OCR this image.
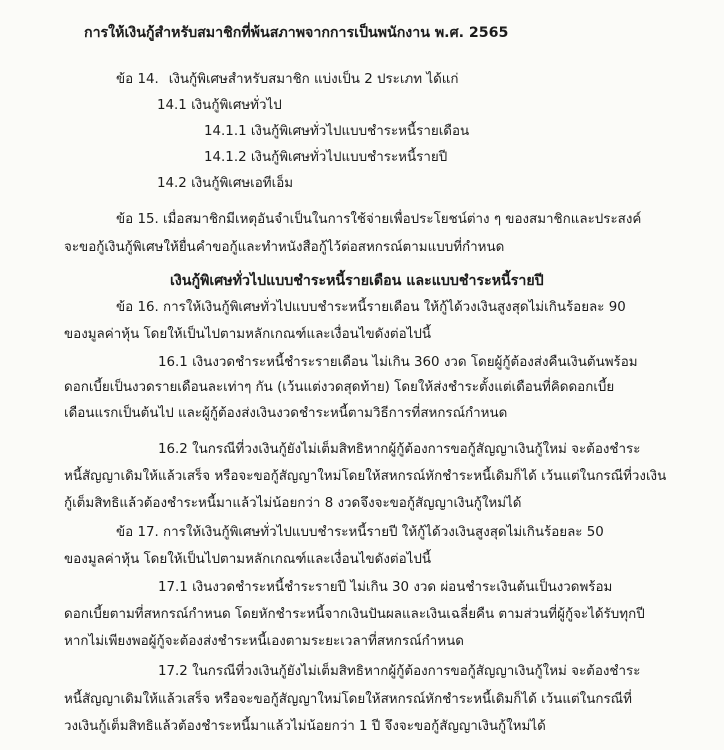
การให้เงินกู้สำหรับสมาชิกที่พ้นสภาพจากการเป็นพนักงาน พ.ศ. 2565
ข้อ 14. เงินกู้พิเศษสำหรับสมาชิก แบ่งเป็น 2 ประเภท ได้แก่
14.1 เงินกู้พิเศษทั่วไป
14.1.1 เงินกู้พิเศษทั่วไปแบบชำระหนี้รายเดือน
14.1.2 เงินกู้พิเศษทั่วไปแบบชำระหนี้รายปี
14.2 เงินกู้พิเศษเอทีเอ็ม
ข้อ 15. เมื่อสมาชิกมีเหตุอันจำเป็นในการใช้จ่ายเพื่อประโยชน์ต่าง ๆ ของสมาชิกและประสงค์
จะขอกู้เงินกู้พิเศษให้ยื่นคำขอกู้และทำหนังสือกู้ไว้ต่อสหกรณ์ตามแบบที่กำหนด
เงินกู้พิเศษทั่วไปแบบชำระหนี้รายเดือน และแบบชำระหนี้รายปี
ข้อ 16. การให้เงินกู้พิเศษทั่วไปแบบชำระหนี้รายเดือน ให้กู้ได้วงเงินสูงสุดไม่เกินร้อยละ 90
ของมูลค่าหุ้น โดยให้เป็นไปตามหลักเกณฑ์และเงื่อนไขดังต่อไปนี้
16.1 เงินงวดชำระหนี้ชำระรายเดือน ไม่เกิน 360 งวด โดยผู้กู้ต้องส่งคืนเงินต้นพร้อม
ดอกเบี้ยเป็นงวดรายเดือนละเท่าๆ กัน (เว้นแต่งวดสุดท้าย) โดยให้ส่งชำระตั้งแต่เดือนที่คิดดอกเบี้ย
เดือนแรกเป็นต้นไป และผู้กู้ต้องส่งเงินงวดชำระหนี้ตามวิธีการที่สหกรณ์กำหนด
16.2 ในกรณีที่วงเงินกู้ยังไม่เต็มสิทธิหากผู้กู้ต้องการขอกู้สัญญาเงินกู้ใหม่ จะต้องชำระ
หนี้สัญญาเดิมให้แล้วเสร็จ หรือจะขอกู้สัญญาใหม่โดยให้สหกรณ์หักชำระหนี้เดิมก็ได้ เว้นแต่ในกรณีที่วงเงิน
กู้เต็มสิทธิแล้วต้องชำระหนี้มาแล้วไม่น้อยกว่า 8 งวดจึงจะขอกู้สัญญาเงินกู้ใหม่ได้
ข้อ 17. การให้เงินกู้พิเศษทั่วไปแบบชำระหนี้รายปี ให้กู้ได้วงเงินสูงสุดไม่เกินร้อยละ 50
ของมูลค่าหุ้น โดยให้เป็นไปตามหลักเกณฑ์และเงื่อนไขดังต่อไปนี้
17.1 เงินงวดชำระหนี้ชำระรายปี ไม่เกิน 30 งวด ผ่อนชำระเงินต้นเป็นงวดพร้อม
ดอกเบี้ยตามที่สหกรณ์กำหนด โดยหักชำระหนี้จากเงินปันผลและเงินเฉลี่ยคืน ตามส่วนที่ผู้กู้จะได้รับทุกปี
หากไม่เพียงพอผู้กู้จะต้องส่งชำระหนี้เองตามระยะเวลาที่สหกรณ์กำหนด
17.2 ในกรณีที่วงเงินกู้ยังไม่เต็มสิทธิหากผู้กู้ต้องการขอกู้สัญญาเงินกู้ใหม่ จะต้องชำระ
หนี้สัญญาเดิมให้แล้วเสร็จ หรือจะขอกู้สัญญาใหม่โดยให้สหกรณ์หักชำระหนี้เดิมก็ได้ เว้นแต่ในกรณีที่
วงเงินกู้เต็มสิทธิแล้วต้องชำระหนี้มาแล้วไม่น้อยกว่า 1 ปี จึงจะขอกู้สัญญาเงินกู้ใหม่ได้
